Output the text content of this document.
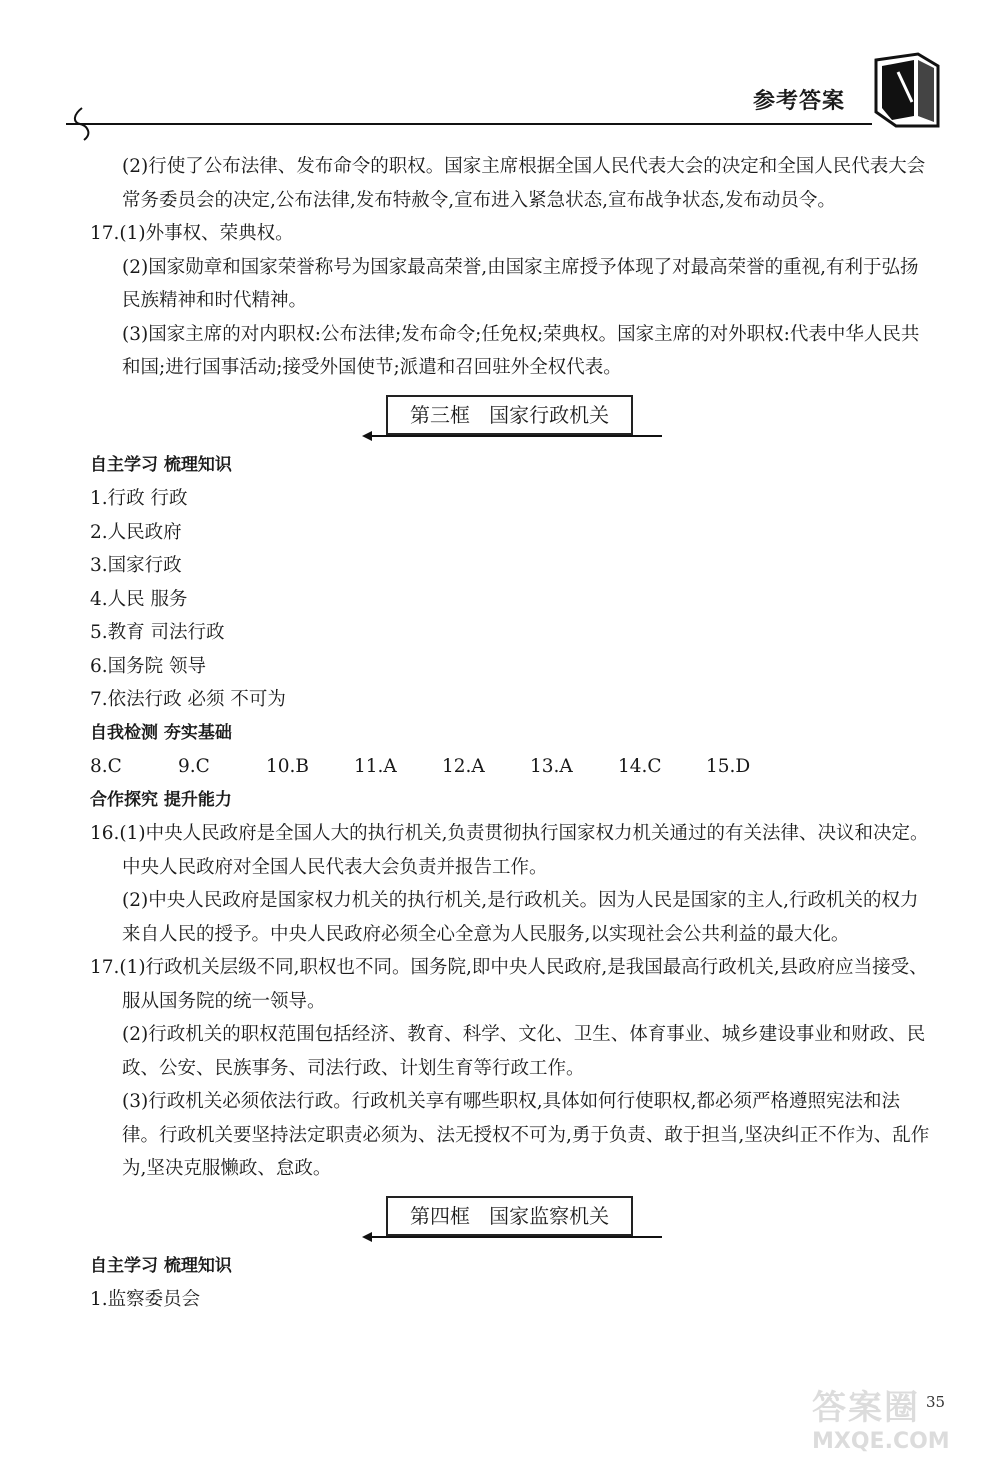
参考答案

(2)行使了公布法律、发布命令的职权。国家主席根据全国人民代表大会的决定和全国人民代表大会常务委员会的决定,公布法律,发布特赦令,宣布进入紧急状态,宣布战争状态,发布动员令。

17.(1)外事权、荣典权。

(2)国家勋章和国家荣誉称号为国家最高荣誉,由国家主席授予体现了对最高荣誉的重视,有利于弘扬民族精神和时代精神。

(3)国家主席的对内职权:公布法律;发布命令;任免权;荣典权。国家主席的对外职权:代表中华人民共和国;进行国事活动;接受外国使节;派遣和召回驻外全权代表。

第三框   国家行政机关

自主学习 梳理知识

1.行政 行政

2.人民政府

3.国家行政

4.人民 服务

5.教育 司法行政

6.国务院 领导

7.依法行政 必须 不可为

自我检测 夯实基础

8.C	9.C	10.B	11.A	12.A	13.A	14.C	15.D

合作探究 提升能力

16.(1)中央人民政府是全国人大的执行机关,负责贯彻执行国家权力机关通过的有关法律、决议和决定。中央人民政府对全国人民代表大会负责并报告工作。

(2)中央人民政府是国家权力机关的执行机关,是行政机关。因为人民是国家的主人,行政机关的权力来自人民的授予。中央人民政府必须全心全意为人民服务,以实现社会公共利益的最大化。

17.(1)行政机关层级不同,职权也不同。国务院,即中央人民政府,是我国最高行政机关,县政府应当接受、服从国务院的统一领导。

(2)行政机关的职权范围包括经济、教育、科学、文化、卫生、体育事业、城乡建设事业和财政、民政、公安、民族事务、司法行政、计划生育等行政工作。

(3)行政机关必须依法行政。行政机关享有哪些职权,具体如何行使职权,都必须严格遵照宪法和法律。行政机关要坚持法定职责必须为、法无授权不可为,勇于负责、敢于担当,坚决纠正不作为、乱作为,坚决克服懒政、怠政。

第四框   国家监察机关

自主学习 梳理知识

1.监察委员会

答案圈
MXQE.COM
35
